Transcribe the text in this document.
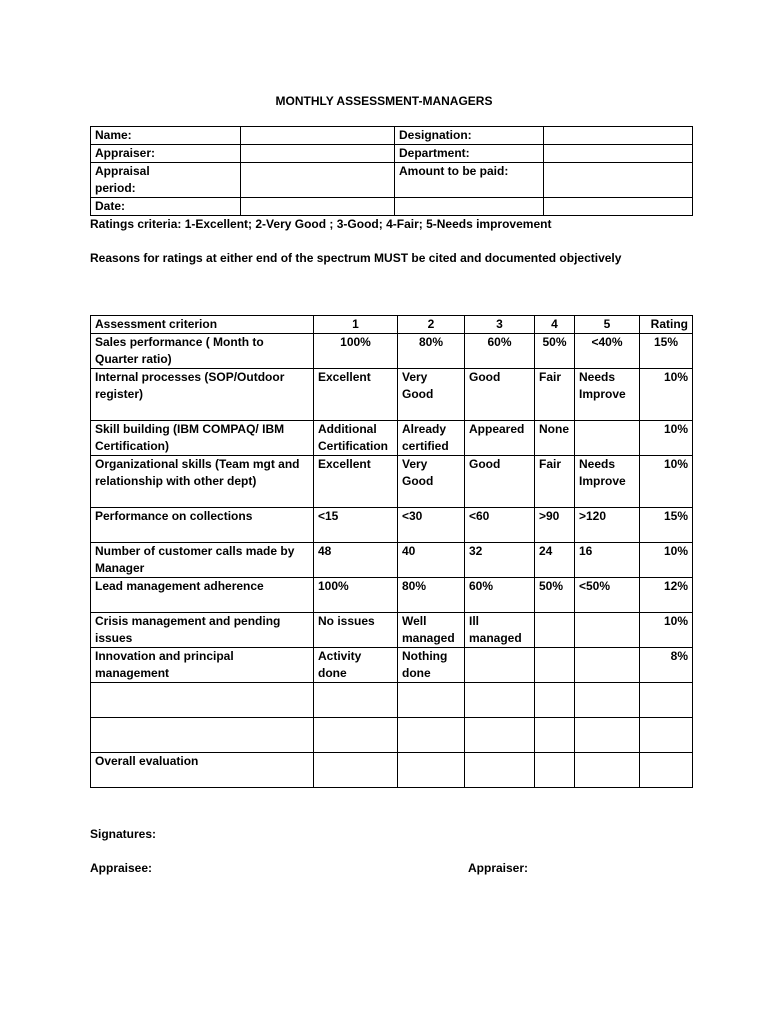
MONTHLY ASSESSMENT-MANAGERS
Name:		Designation:	
Appraiser:		Department:	
Appraisal period:		Amount to be paid:	
Date:			
Ratings criteria: 1-Excellent; 2-Very Good ; 3-Good; 4-Fair; 5-Needs improvement
Reasons for ratings at either end of the spectrum MUST be cited and documented objectively
Assessment criterion	1	2	3	4	5	Rating
Sales performance ( Month to Quarter ratio)	100%	80%	60%	50%	<40%	15%
Internal processes (SOP/Outdoor register)	Excellent	Very Good	Good	Fair	Needs Improve	10%
Skill building (IBM COMPAQ/ IBM Certification)	Additional Certification	Already certified	Appeared	None		10%
Organizational skills (Team mgt and relationship with other dept)	Excellent	Very Good	Good	Fair	Needs Improve	10%
Performance on collections	<15	<30	<60	>90	>120	15%
Number of customer calls made by Manager	48	40	32	24	16	10%
Lead management adherence	100%	80%	60%	50%	<50%	12%
Crisis management and pending issues	No issues	Well managed	Ill managed			10%
Innovation and principal management	Activity done	Nothing done				8%

Overall evaluation						
Signatures:
Appraisee:	Appraiser:
